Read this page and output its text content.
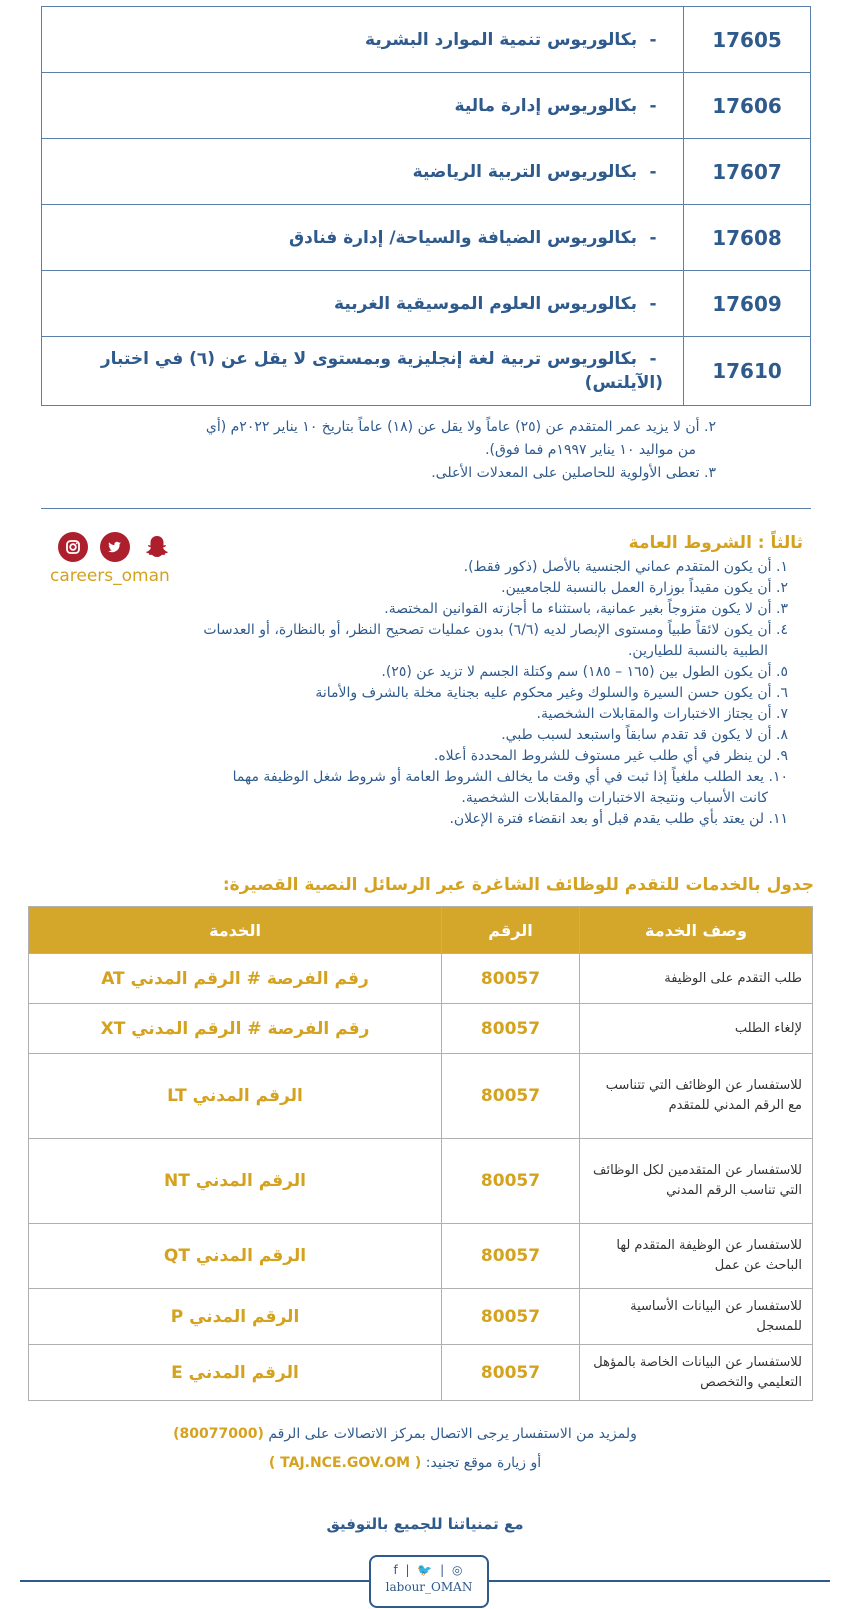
- بكالوريوس تنمية الموارد البشرية	17605
- بكالوريوس إدارة مالية	17606
- بكالوريوس التربية الرياضية	17607
- بكالوريوس الضيافة والسياحة/ إدارة فنادق	17608
- بكالوريوس العلوم الموسيقية الغربية	17609
- بكالوريوس تربية لغة إنجليزية وبمستوى لا يقل عن (٦) في اختبار (الآيلتس)	17610

٢. أن لا يزيد عمر المتقدم عن (٢٥) عاماً ولا يقل عن (١٨) عاماً بتاريخ ١٠ يناير ٢٠٢٢م (أي

من مواليد ١٠ يناير ١٩٩٧م فما فوق).

٣. تعطى الأولوية للحاصلين على المعدلات الأعلى.

careers_oman
ثالثاً : الشروط العامة

١. أن يكون المتقدم عماني الجنسية بالأصل (ذكور فقط).

٢. أن يكون مقيداً بوزارة العمل بالنسبة للجامعيين.

٣. أن لا يكون متزوجاً بغير عمانية، باستثناء ما أجازته القوانين المختصة.

٤. أن يكون لائقاً طبياً ومستوى الإبصار لديه (٦/٦) بدون عمليات تصحيح النظر، أو بالنظارة، أو العدسات

الطبية بالنسبة للطيارين.

٥. أن يكون الطول بين (١٦٥ – ١٨٥) سم وكتلة الجسم لا تزيد عن (٢٥).

٦. أن يكون حسن السيرة والسلوك وغير محكوم عليه بجناية مخلة بالشرف والأمانة

٧. أن يجتاز الاختبارات والمقابلات الشخصية.

٨. أن لا يكون قد تقدم سابقاً واستبعد لسبب طبي.

٩. لن ينظر في أي طلب غير مستوف للشروط المحددة أعلاه.

١٠. يعد الطلب ملغياً إذا ثبت في أي وقت ما يخالف الشروط العامة أو شروط شغل الوظيفة مهما

كانت الأسباب ونتيجة الاختبارات والمقابلات الشخصية.

١١. لن يعتد بأي طلب يقدم قبل أو بعد انقضاء فترة الإعلان.

جدول بالخدمات للتقدم للوظائف الشاغرة عبر الرسائل النصية القصيرة:
وصف الخدمة	الرقم	الخدمة
طلب التقدم على الوظيفة	80057	رقم الفرصة # الرقم المدني AT
لإلغاء الطلب	80057	رقم الفرصة # الرقم المدني XT
للاستفسار عن الوظائف التي تتناسب مع الرقم المدني للمتقدم	80057	الرقم المدني LT
للاستفسار عن المتقدمين لكل الوظائف التي تناسب الرقم المدني	80057	الرقم المدني NT
للاستفسار عن الوظيفة المتقدم لها الباحث عن عمل	80057	الرقم المدني QT
للاستفسار عن البيانات الأساسية للمسجل	80057	الرقم المدني P
للاستفسار عن البيانات الخاصة بالمؤهل التعليمي والتخصص	80057	الرقم المدني E
ولمزيد من الاستفسار يرجى الاتصال بمركز الاتصالات على الرقم (80077000)
أو زيارة موقع تجنيد: ( TAJ.NCE.GOV.OM )
مع تمنياتنا للجميع بالتوفيق
f | 🐦 | ◎
labour_OMAN
